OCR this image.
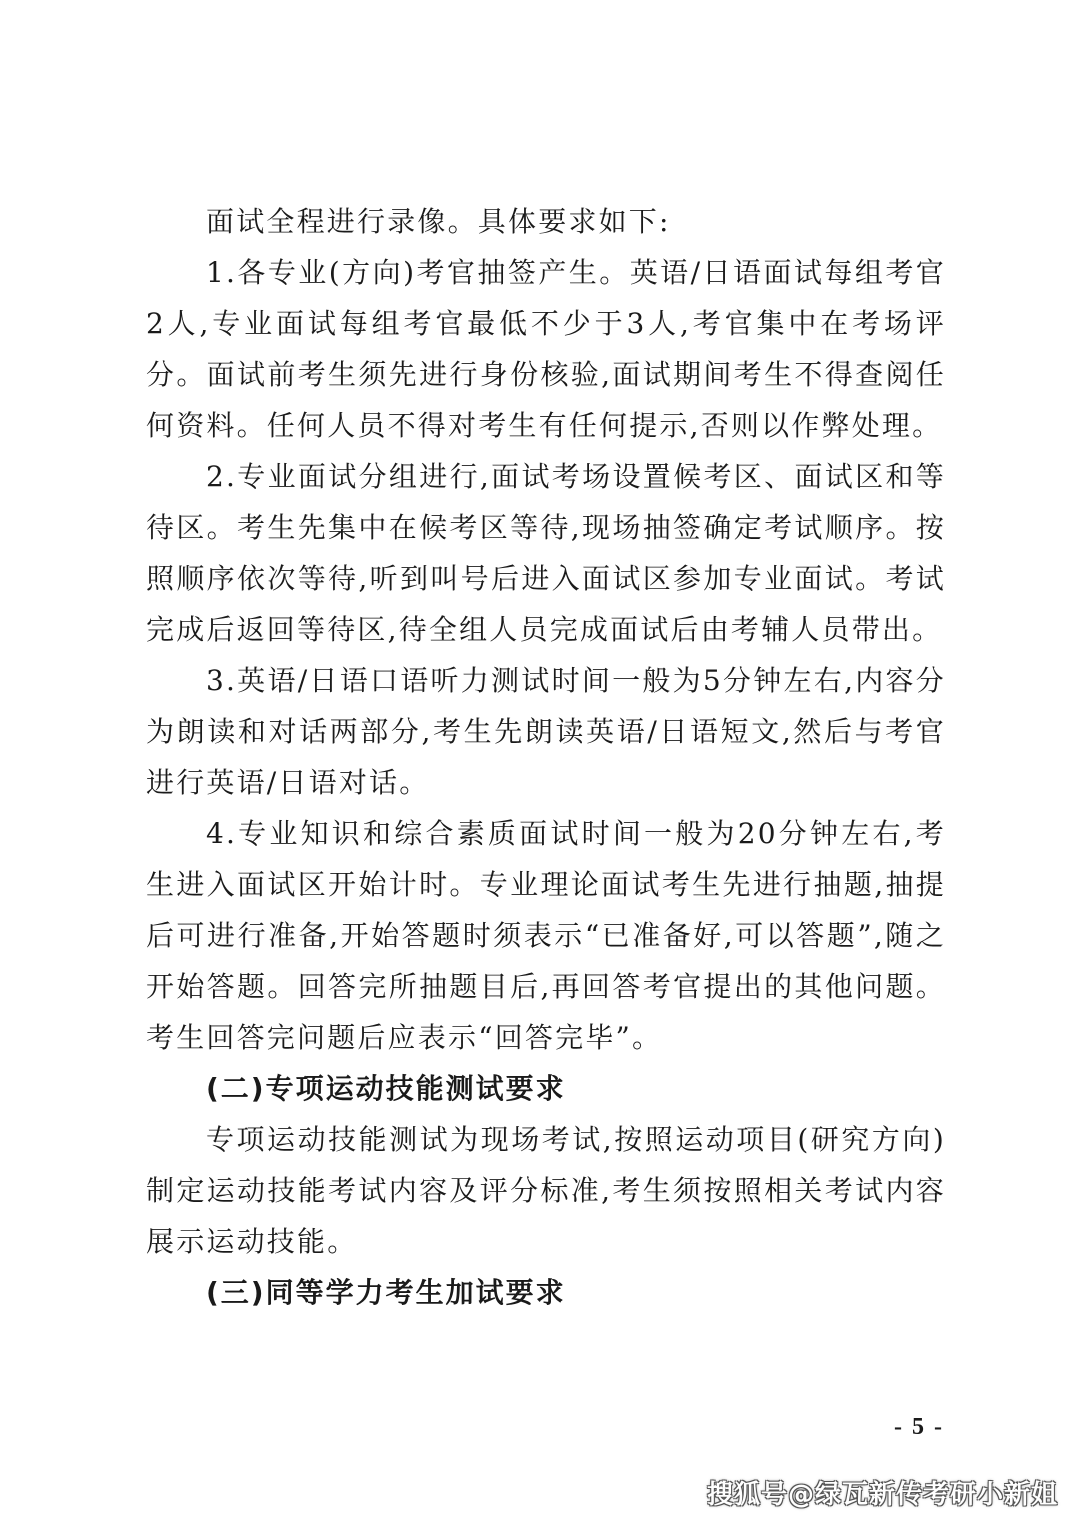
面试全程进行录像。具体要求如下:

1.各专业(方向)考官抽签产生。英语/日语面试每组考官2人,专业面试每组考官最低不少于3人,考官集中在考场评分。面试前考生须先进行身份核验,面试期间考生不得查阅任何资料。任何人员不得对考生有任何提示,否则以作弊处理。

2.专业面试分组进行,面试考场设置候考区、面试区和等待区。考生先集中在候考区等待,现场抽签确定考试顺序。按照顺序依次等待,听到叫号后进入面试区参加专业面试。考试完成后返回等待区,待全组人员完成面试后由考辅人员带出。

3.英语/日语口语听力测试时间一般为5分钟左右,内容分为朗读和对话两部分,考生先朗读英语/日语短文,然后与考官进行英语/日语对话。

4.专业知识和综合素质面试时间一般为20分钟左右,考生进入面试区开始计时。专业理论面试考生先进行抽题,抽提后可进行准备,开始答题时须表示“已准备好,可以答题”,随之开始答题。回答完所抽题目后,再回答考官提出的其他问题。考生回答完问题后应表示“回答完毕”。

(二)专项运动技能测试要求

专项运动技能测试为现场考试,按照运动项目(研究方向)制定运动技能考试内容及评分标准,考生须按照相关考试内容展示运动技能。

(三)同等学力考生加试要求

- 5 -
搜狐号@绿瓦新传考研小新姐
